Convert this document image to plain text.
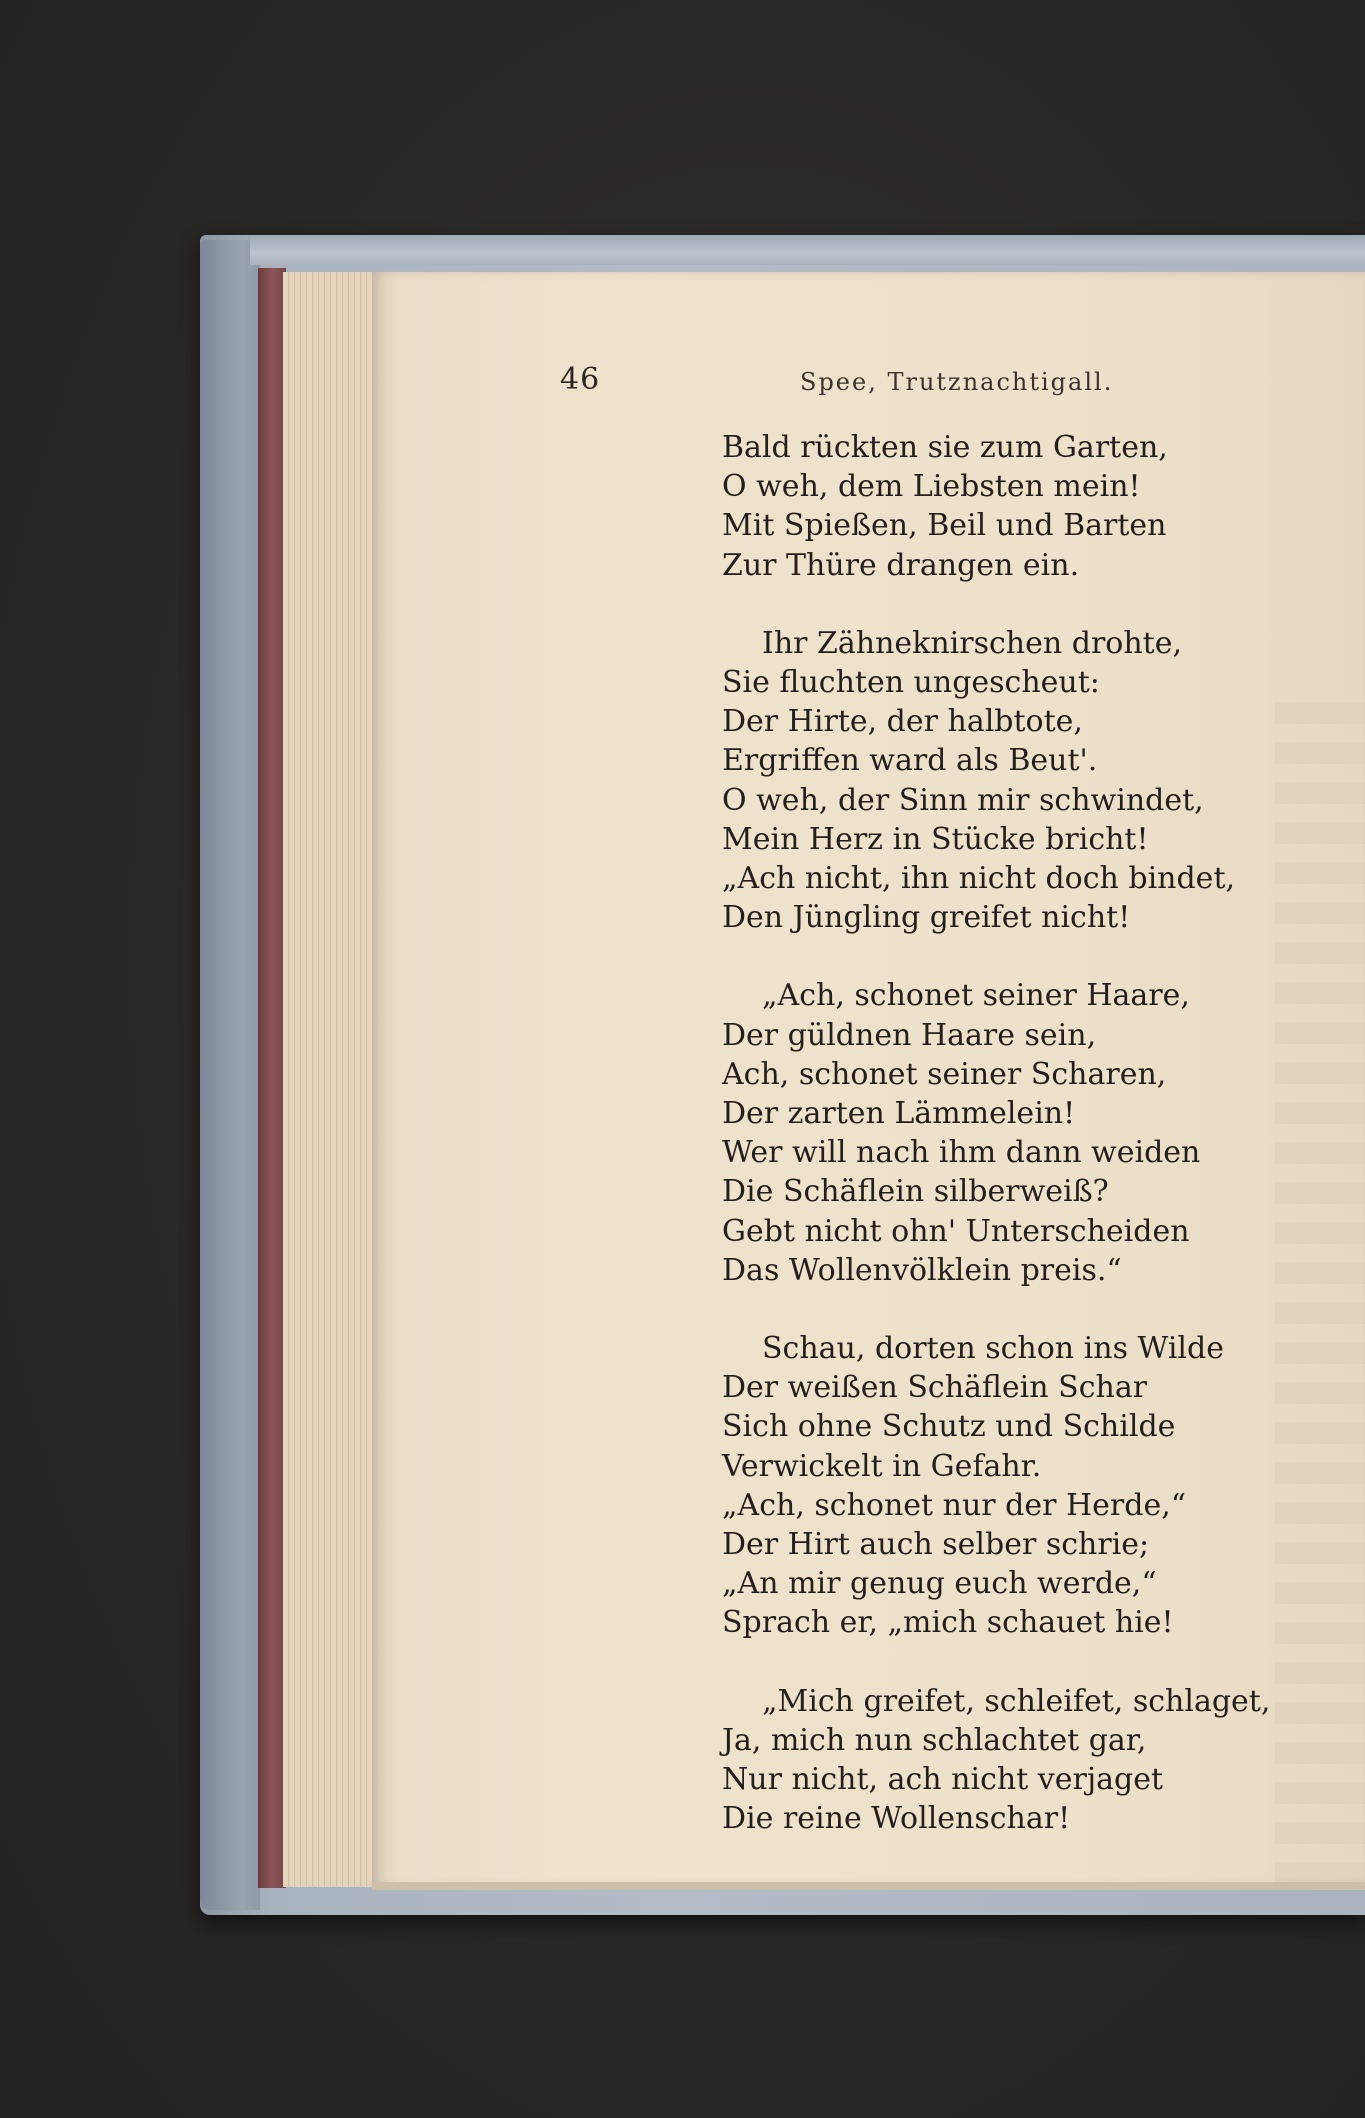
46	Spee, Trutznachtigall.
Bald rückten sie zum Garten,
O weh, dem Liebsten mein!
Mit Spießen, Beil und Barten
Zur Thüre drangen ein.
Ihr Zähneknirschen drohte,
Sie fluchten ungescheut:
Der Hirte, der halbtote,
Ergriffen ward als Beut'.
O weh, der Sinn mir schwindet,
Mein Herz in Stücke bricht!
„Ach nicht, ihn nicht doch bindet,
Den Jüngling greifet nicht!
„Ach, schonet seiner Haare,
Der güldnen Haare sein,
Ach, schonet seiner Scharen,
Der zarten Lämmelein!
Wer will nach ihm dann weiden
Die Schäflein silberweiß?
Gebt nicht ohn' Unterscheiden
Das Wollenvölklein preis.“
Schau, dorten schon ins Wilde
Der weißen Schäflein Schar
Sich ohne Schutz und Schilde
Verwickelt in Gefahr.
„Ach, schonet nur der Herde,“
Der Hirt auch selber schrie;
„An mir genug euch werde,“
Sprach er, „mich schauet hie!
„Mich greifet, schleifet, schlaget,
Ja, mich nun schlachtet gar,
Nur nicht, ach nicht verjaget
Die reine Wollenschar!
